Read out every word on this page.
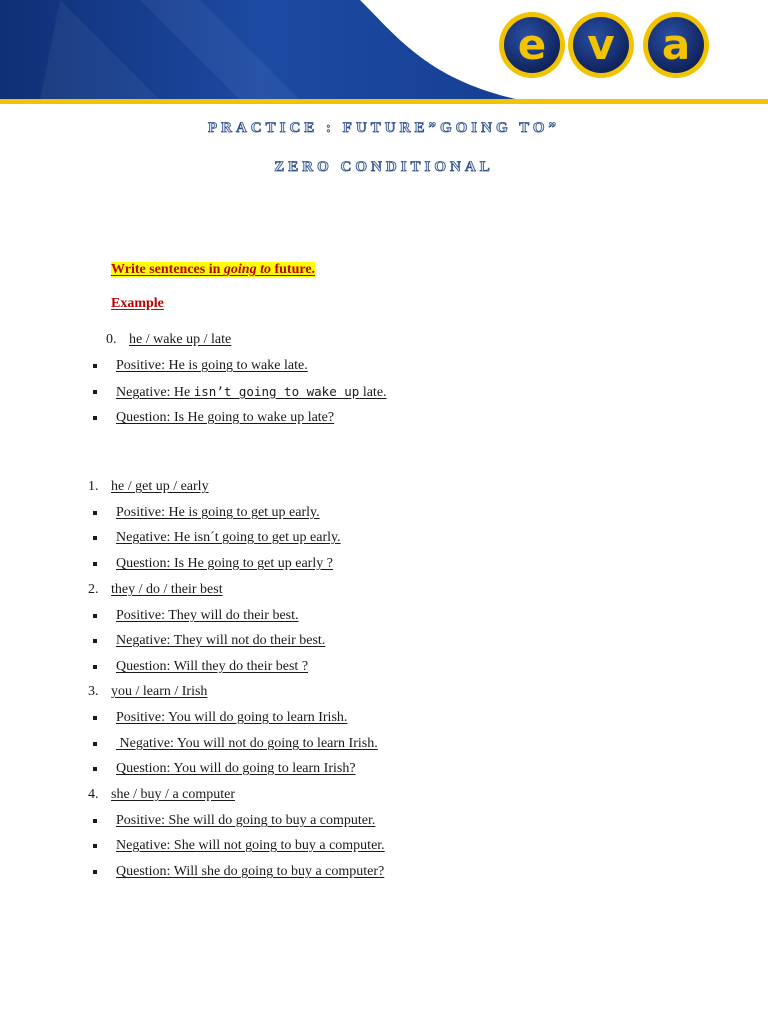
e v a
PRACTICE : FUTURE”GOING TO”
ZERO CONDITIONAL
Write sentences in going to future.
Example
0. he / wake up / late
Positive: He is going to wake late.
Negative: He isn’t going to wake up late.
Question: Is He going to wake up late?
1. he / get up / early
Positive: He is going to get up early.
Negative: He isn´t going to get up early.
Question: Is He going to get up early ?
2. they / do / their best
Positive: They will do their best.
Negative: They will not do their best.
Question: Will they do their best ?
3. you / learn / Irish
Positive: You will do going to learn Irish.
Negative: You will not do going to learn Irish.
Question: You will do going to learn Irish?
4. she / buy / a computer
Positive: She will do going to buy a computer.
Negative: She will not going to buy a computer.
Question: Will she do going to buy a computer?
